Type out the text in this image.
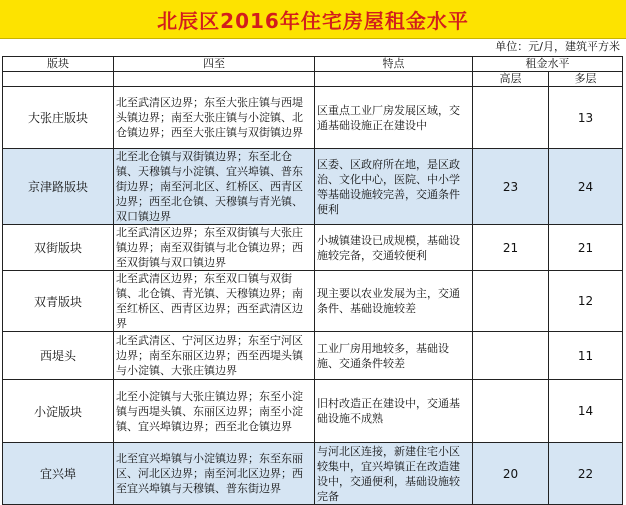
北辰区2016年住宅房屋租金水平
单位：元/月，建筑平方米
版块	四至	特点	租金水平	
			高层	多层
大张庄版块	北至武清区边界；东至大张庄镇与西堤头镇边界；南至大张庄镇与小淀镇、北仓镇边界；西至大张庄镇与双街镇边界	区重点工业厂房发展区域，交通基础设施正在建设中		13
京津路版块	北至北仓镇与双街镇边界；东至北仓镇、天穆镇与小淀镇、宜兴埠镇、普东街边界；南至河北区、红桥区、西青区边界；西至北仓镇、天穆镇与青光镇、双口镇边界	区委、区政府所在地，是区政治、文化中心，医院、中小学等基础设施较完善，交通条件便利	23	24
双街版块	北至武清区边界；东至双街镇与大张庄镇边界；南至双街镇与北仓镇边界；西至双街镇与双口镇边界	小城镇建设已成规模，基础设施较完备，交通较便利	21	21
双青版块	北至武清区边界；东至双口镇与双街镇、北仓镇、青光镇、天穆镇边界；南至红桥区、西青区边界；西至武清区边界	现主要以农业发展为主，交通条件、基础设施较差		12
西堤头	北至武清区、宁河区边界；东至宁河区边界；南至东丽区边界；西至西堤头镇与小淀镇、大张庄镇边界	工业厂房用地较多，基础设施、交通条件较差		11
小淀版块	北至小淀镇与大张庄镇边界；东至小淀镇与西堤头镇、东丽区边界；南至小淀镇、宜兴埠镇边界；西至北仓镇边界	旧村改造正在建设中，交通基础设施不成熟		14
宜兴埠	北至宜兴埠镇与小淀镇边界；东至东丽区、河北区边界；南至河北区边界；西至宜兴埠镇与天穆镇、普东街边界	与河北区连接，新建住宅小区较集中，宜兴埠镇正在改造建设中，交通便利，基础设施较完备	20	22
